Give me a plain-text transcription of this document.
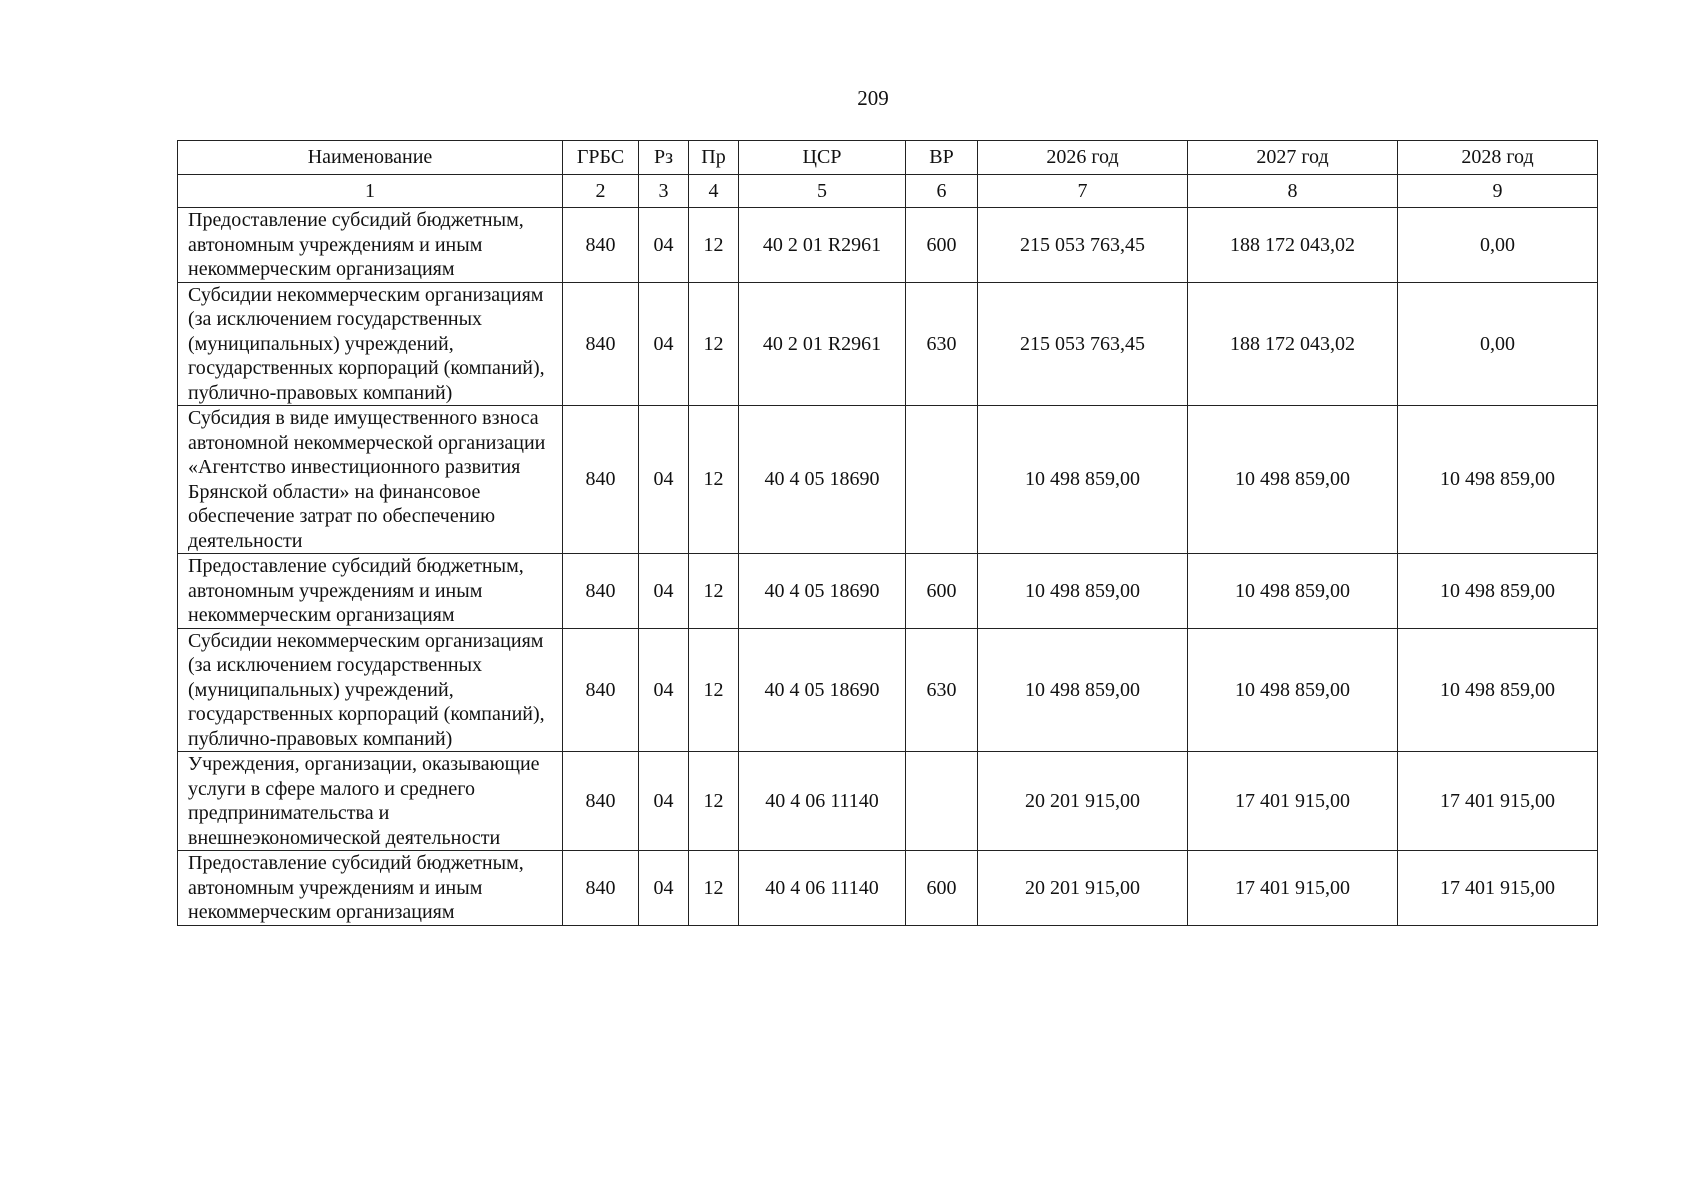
209
Наименование	ГРБС	Рз	Пр	ЦСР	ВР	2026 год	2027 год	2028 год
1	2	3	4	5	6	7	8	9
Предоставление субсидий бюджетным, автономным учреждениям и иным некоммерческим организациям	840	04	12	40 2 01 R2961	600	215 053 763,45	188 172 043,02	0,00
Субсидии некоммерческим организациям (за исключением государственных (муниципальных) учреждений, государственных корпораций (компаний), публично-правовых компаний)	840	04	12	40 2 01 R2961	630	215 053 763,45	188 172 043,02	0,00
Субсидия в виде имущественного взноса автономной некоммерческой организации «Агентство инвестиционного развития Брянской области» на финансовое обеспечение затрат по обеспечению деятельности	840	04	12	40 4 05 18690		10 498 859,00	10 498 859,00	10 498 859,00
Предоставление субсидий бюджетным, автономным учреждениям и иным некоммерческим организациям	840	04	12	40 4 05 18690	600	10 498 859,00	10 498 859,00	10 498 859,00
Субсидии некоммерческим организациям (за исключением государственных (муниципальных) учреждений, государственных корпораций (компаний), публично-правовых компаний)	840	04	12	40 4 05 18690	630	10 498 859,00	10 498 859,00	10 498 859,00
Учреждения, организации, оказывающие услуги в сфере малого и среднего предпринимательства и внешнеэкономической деятельности	840	04	12	40 4 06 11140		20 201 915,00	17 401 915,00	17 401 915,00
Предоставление субсидий бюджетным, автономным учреждениям и иным некоммерческим организациям	840	04	12	40 4 06 11140	600	20 201 915,00	17 401 915,00	17 401 915,00
